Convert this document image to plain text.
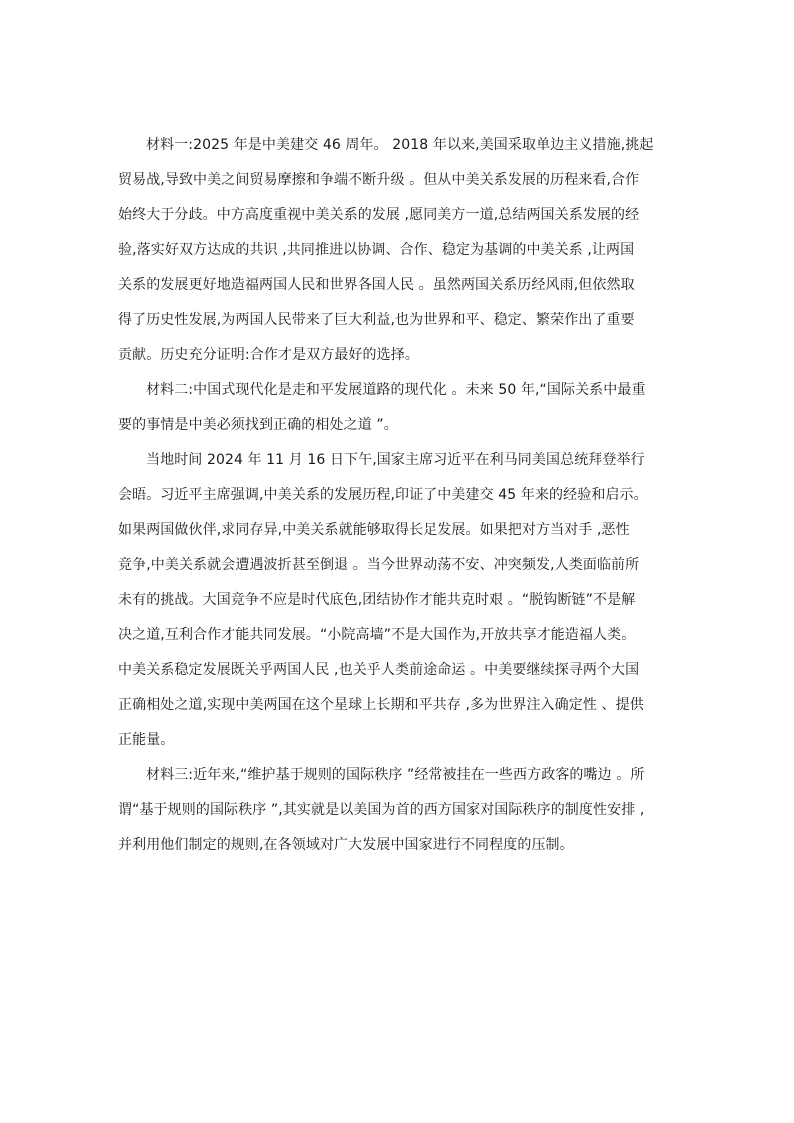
材料一:2025 年是中美建交 46 周年。 2018 年以来,美国采取单边主义措施,挑起
贸易战,导致中美之间贸易摩擦和争端不断升级 。但从中美关系发展的历程来看,合作
始终大于分歧。中方高度重视中美关系的发展 ,愿同美方一道,总结两国关系发展的经
验,落实好双方达成的共识 ,共同推进以协调、合作、稳定为基调的中美关系 ,让两国
关系的发展更好地造福两国人民和世界各国人民 。虽然两国关系历经风雨,但依然取
得了历史性发展,为两国人民带来了巨大利益,也为世界和平、稳定、繁荣作出了重要
贡献。历史充分证明:合作才是双方最好的选择。

材料二:中国式现代化是走和平发展道路的现代化 。未来 50 年,“国际关系中最重
要的事情是中美必须找到正确的相处之道 ”。

当地时间 2024 年 11 月 16 日下午,国家主席习近平在利马同美国总统拜登举行
会晤。习近平主席强调,中美关系的发展历程,印证了中美建交 45 年来的经验和启示。
如果两国做伙伴,求同存异,中美关系就能够取得长足发展。如果把对方当对手 ,恶性
竞争,中美关系就会遭遇波折甚至倒退 。当今世界动荡不安、冲突频发,人类面临前所
未有的挑战。大国竞争不应是时代底色,团结协作才能共克时艰 。“脱钩断链”不是解
决之道,互利合作才能共同发展。“小院高墙”不是大国作为,开放共享才能造福人类。
中美关系稳定发展既关乎两国人民 ,也关乎人类前途命运 。中美要继续探寻两个大国
正确相处之道,实现中美两国在这个星球上长期和平共存 ,多为世界注入确定性 、提供
正能量。

材料三:近年来,“维护基于规则的国际秩序 ”经常被挂在一些西方政客的嘴边 。所
谓“基于规则的国际秩序 ”,其实就是以美国为首的西方国家对国际秩序的制度性安排 ,
并利用他们制定的规则,在各领域对广大发展中国家进行不同程度的压制。
